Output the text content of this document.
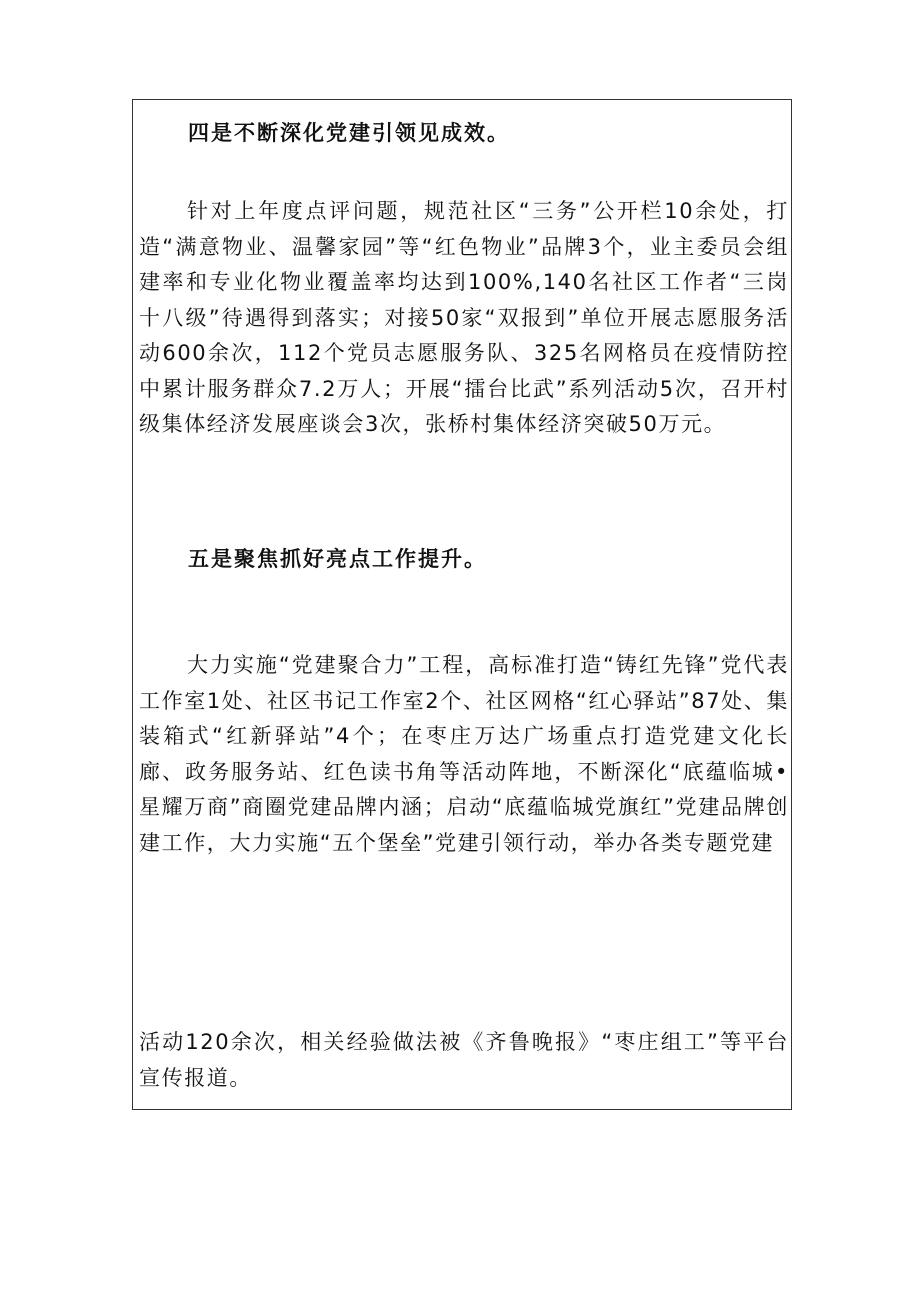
四是不断深化党建引领见成效。

针对上年度点评问题，规范社区“三务”公开栏10余处，打造“满意物业、温馨家园”等“红色物业”品牌3个，业主委员会组建率和专业化物业覆盖率均达到100%,140名社区工作者“三岗十八级”待遇得到落实；对接50家“双报到”单位开展志愿服务活动600余次，112个党员志愿服务队、325名网格员在疫情防控中累计服务群众7.2万人；开展“擂台比武”系列活动5次，召开村级集体经济发展座谈会3次，张桥村集体经济突破50万元。

五是聚焦抓好亮点工作提升。

大力实施“党建聚合力”工程，高标准打造“铸红先锋”党代表工作室1处、社区书记工作室2个、社区网格“红心驿站”87处、集装箱式“红新驿站”4个；在枣庄万达广场重点打造党建文化长廊、政务服务站、红色读书角等活动阵地，不断深化“底蕴临城•星耀万商”商圈党建品牌内涵；启动“底蕴临城党旗红”党建品牌创建工作，大力实施“五个堡垒”党建引领行动，举办各类专题党建

活动120余次，相关经验做法被《齐鲁晚报》“枣庄组工”等平台宣传报道。
